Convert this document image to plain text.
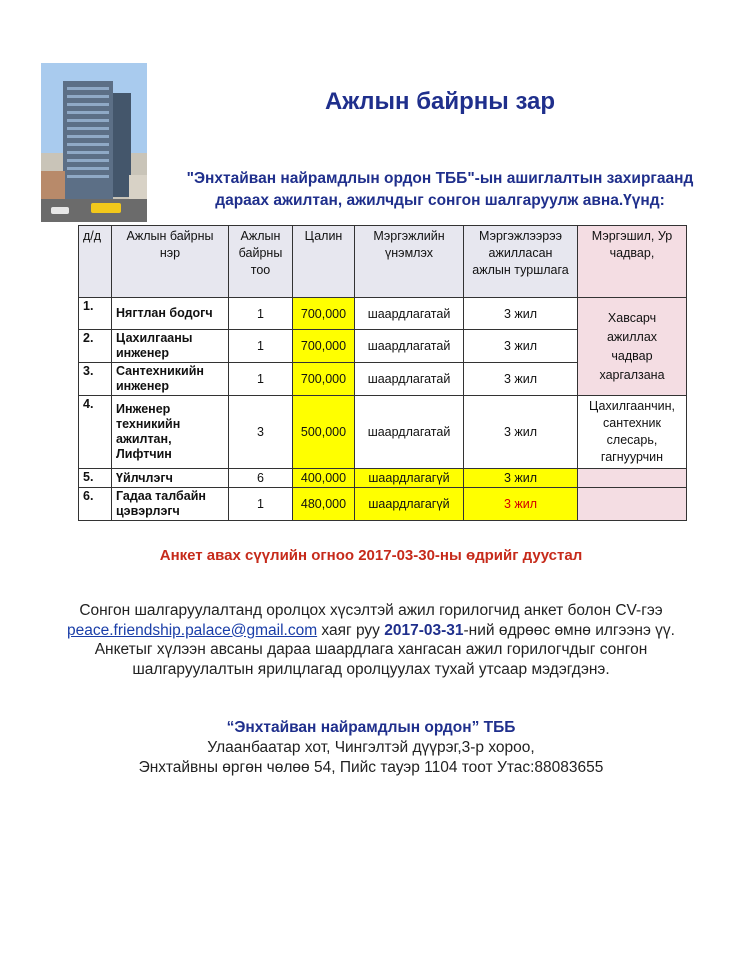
Ажлын байрны зар
"Энхтайван найрамдлын ордон ТББ"-ын ашиглалтын захиргаанд
дараах ажилтан, ажилчдыг сонгон шалгаруулж авна.Үүнд:
д/д	Ажлын байрны нэр	Ажлын байрны тоо	Цалин	Мэргэжлийн үнэмлэх	Мэргэжлээрээ ажилласан ажлын туршлага	Мэргэшил, Ур чадвар,
1.	Нягтлан бодогч	1	700,000	шаардлагатай	3 жил	Хавсарч ажиллах чадвар харгалзана
2.	Цахилгааны инженер	1	700,000	шаардлагатай	3 жил	
3.	Сантехникийн инженер	1	700,000	шаардлагатай	3 жил	
4.	Инженер техникийн ажилтан, Лифтчин	3	500,000	шаардлагатай	3 жил	Цахилгаанчин, сантехник слесарь, гагнуурчин
5.	Үйлчлэгч	6	400,000	шаардлагагүй	3 жил	
6.	Гадаа талбайн цэвэрлэгч	1	480,000	шаардлагагүй	3 жил	
Анкет авах сүүлийн огноо 2017-03-30-ны өдрийг дуустал
Сонгон шалгаруулалтанд оролцох хүсэлтэй ажил горилогчид анкет болон CV-гээ
peace.friendship.palace@gmail.com хаяг руу 2017-03-31-ний өдрөөс өмнө илгээнэ үү.
Анкетыг хүлээн авсаны дараа шаардлага хангасан ажил горилогчдыг сонгон
шалгаруулалтын ярилцлагад оролцуулах тухай утсаар мэдэгдэнэ.
“Энхтайван найрамдлын ордон” ТББ
Улаанбаатар хот, Чингэлтэй дүүрэг,3-р хороо,
Энхтайвны өргөн чөлөө 54, Пийс тауэр 1104 тоот Утас:88083655
